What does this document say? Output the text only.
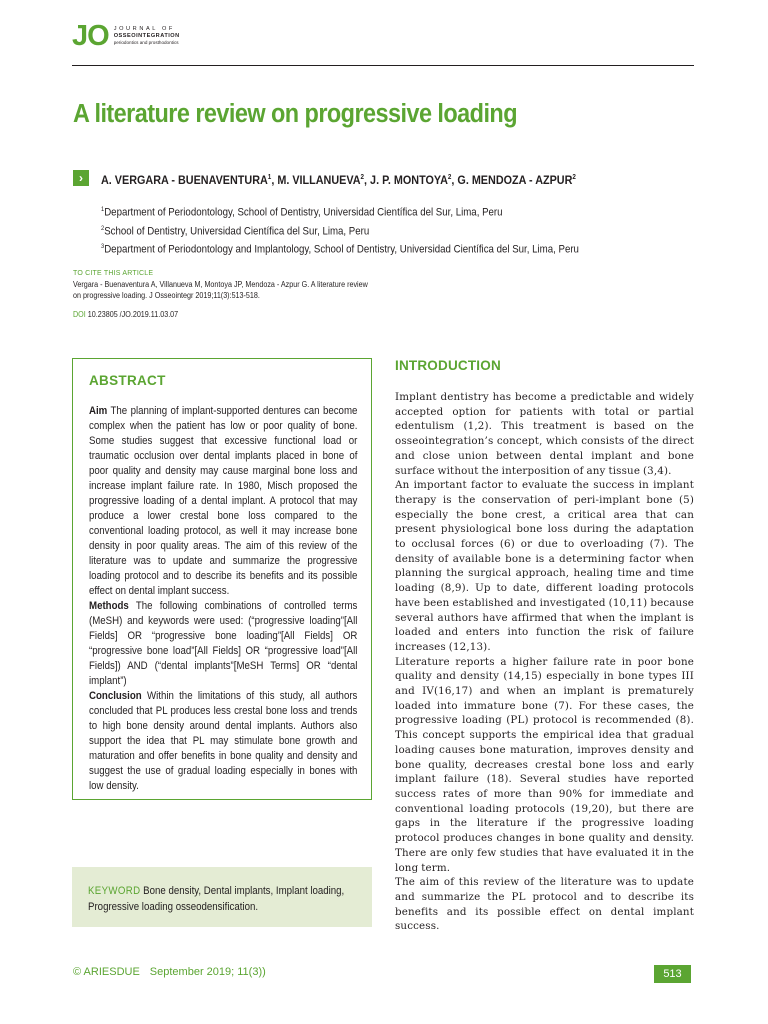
JO JOURNAL OF
OSSEOINTEGRATION
periodontics and prosthodontics
A literature review on progressive loading
›	A. VERGARA - BUENAVENTURA$^1$, M. VILLANUEVA$^2$, J. P. MONTOYA$^2$, G. MENDOZA - AZPUR$^2$
$^1$Department of Periodontology, School of Dentistry, Universidad Científica del Sur, Lima, Peru
$^2$School of Dentistry, Universidad Científica del Sur, Lima, Peru
$^3$Department of Periodontology and Implantology, School of Dentistry, Universidad Científica del Sur, Lima, Peru
TO CITE THIS ARTICLE
Vergara - Buenaventura A, Villanueva M, Montoya JP, Mendoza - Azpur G. A literature review on progressive loading. J Osseointegr 2019;11(3):513-518.
DOI 10.23805 /JO.2019.11.03.07
ABSTRACT

Aim The planning of implant-supported dentures can become complex when the patient has low or poor quality of bone. Some studies suggest that excessive functional load or traumatic occlusion over dental implants placed in bone of poor quality and density may cause marginal bone loss and increase implant failure rate. In 1980, Misch proposed the progressive loading of a dental implant. A protocol that may produce a lower crestal bone loss compared to the conventional loading protocol, as well it may increase bone density in poor quality areas. The aim of this review of the literature was to update and summarize the progressive loading protocol and to describe its benefits and its possible effect on dental implant success.

Methods The following combinations of controlled terms (MeSH) and keywords were used: (“progressive loading”[All Fields] OR “progressive bone loading”[All Fields] OR “progressive bone load”[All Fields] OR “progressive load”[All Fields]) AND (“dental implants”[MeSH Terms] OR “dental implant”)

Conclusion Within the limitations of this study, all authors concluded that PL produces less crestal bone loss and trends to high bone density around dental implants. Authors also support the idea that PL may stimulate bone growth and maturation and offer benefits in bone quality and density and suggest the use of gradual loading especially in bones with low density.

KEYWORD Bone density, Dental implants, Implant loading, Progressive loading osseodensification.
INTRODUCTION

Implant dentistry has become a predictable and widely accepted option for patients with total or partial edentulism (1,2). This treatment is based on the osseointegration’s concept, which consists of the direct and close union between dental implant and bone surface without the interposition of any tissue (3,4).

An important factor to evaluate the success in implant therapy is the conservation of peri-implant bone (5) especially the bone crest, a critical area that can present physiological bone loss during the adaptation to occlusal forces (6) or due to overloading (7). The density of available bone is a determining factor when planning the surgical approach, healing time and time loading (8,9). Up to date, different loading protocols have been established and investigated (10,11) because several authors have affirmed that when the implant is loaded and enters into function the risk of failure increases (12,13).

Literature reports a higher failure rate in poor bone quality and density (14,15) especially in bone types III and IV(16,17) and when an implant is prematurely loaded into immature bone (7). For these cases, the progressive loading (PL) protocol is recommended (8). This concept supports the empirical idea that gradual loading causes bone maturation, improves density and bone quality, decreases crestal bone loss and early implant failure (18). Several studies have reported success rates of more than 90% for immediate and conventional loading protocols (19,20), but there are gaps in the literature if the progressive loading protocol produces changes in bone quality and density. There are only few studies that have evaluated it in the long term.

The aim of this review of the literature was to update and summarize the PL protocol and to describe its benefits and its possible effect on dental implant success.

© ARIESDUE September 2019; 11(3))	513
